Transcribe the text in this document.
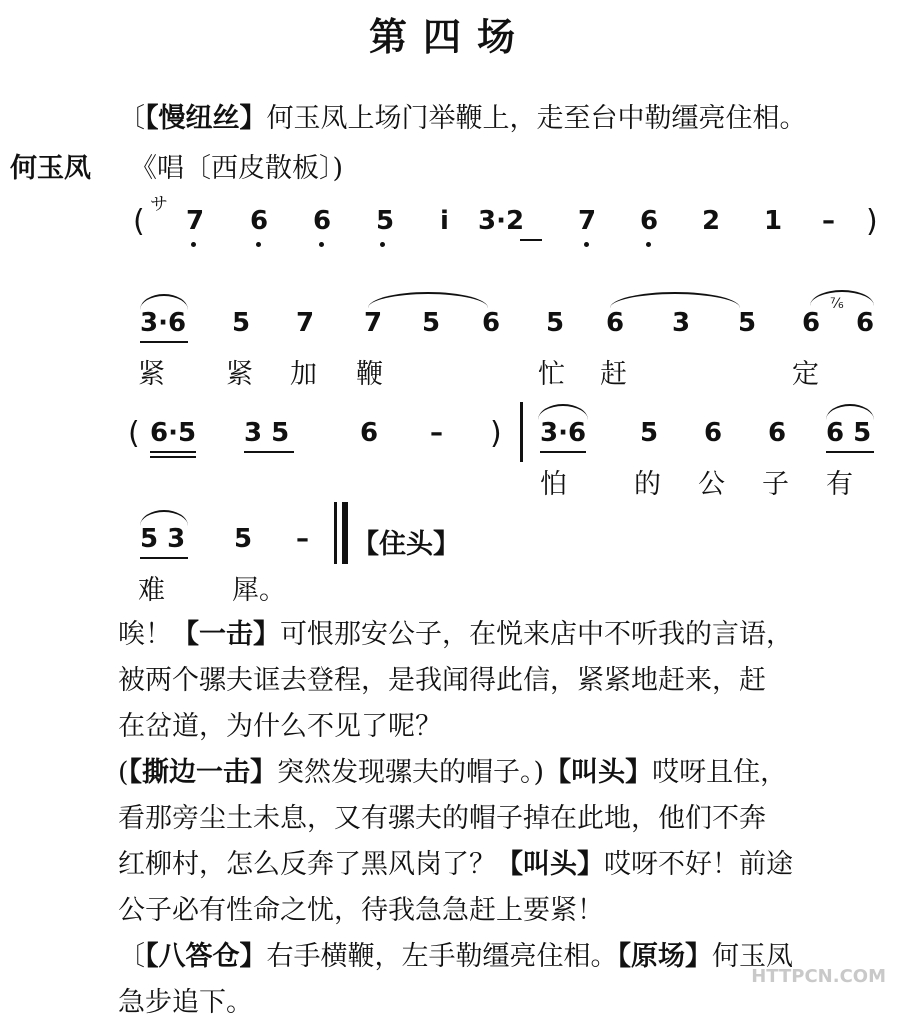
第四场
〔【慢纽丝】何玉凤上场门举鞭上，走至台中勒缰亮住相。
何玉凤 《唱〔西皮散板〕)
( サ
7 6 6 5 i 3·2 7 6 2 1 – )
3·6 5 7 7 5 6 5 6 3 5 6
⁷⁄₆
6
紧 紧 加 鞭	忙 赶	定
( 6·5 3 5	6 – ) 3·6 5 6 6 6 5
怕 的 公 子 有
5 3 5 – 【住头】
难 犀。
唉！【一击】可恨那安公子，在悦来店中不听我的言语，
被两个骡夫诓去登程，是我闻得此信，紧紧地赶来，赶
在岔道，为什么不见了呢？
(【撕边一击】突然发现骡夫的帽子。)【叫头】哎呀且住，
看那旁尘土未息，又有骡夫的帽子掉在此地，他们不奔
红柳村，怎么反奔了黑风岗了？【叫头】哎呀不好！前途
公子必有性命之忧，待我急急赶上要紧！
〔【八答仓】右手横鞭，左手勒缰亮住相。【原场】何玉凤
急步追下。
HTTPCN.COM
